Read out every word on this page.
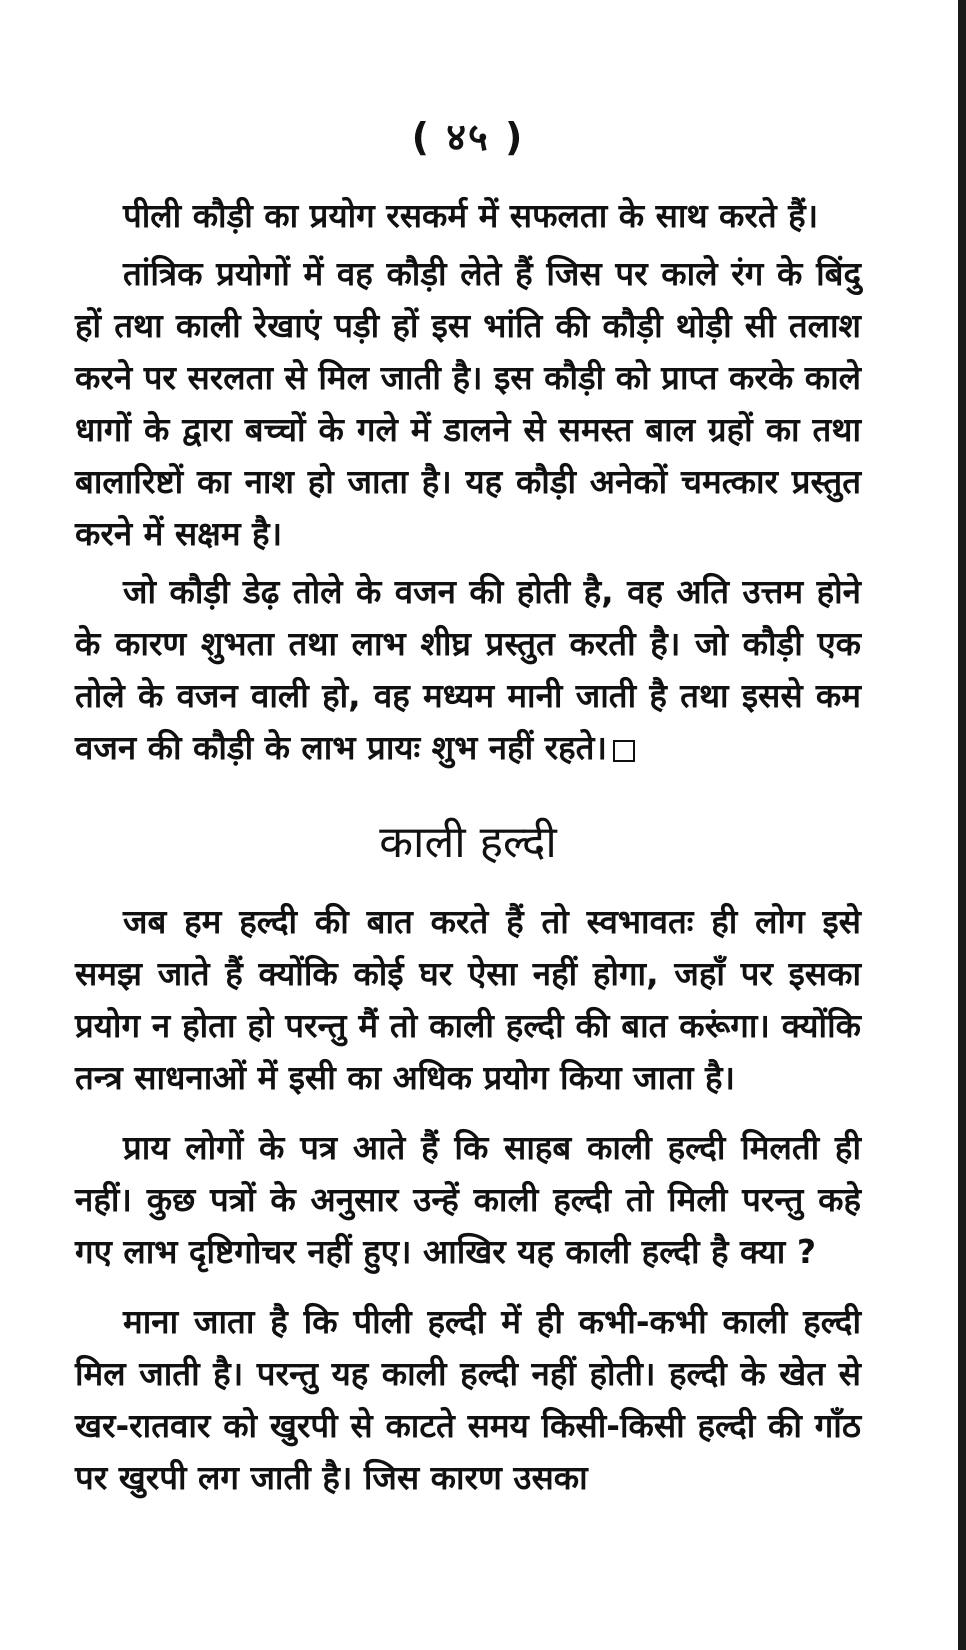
( ४५ )

पीली कौड़ी का प्रयोग रसकर्म में सफलता के साथ करते हैं।

तांत्रिक प्रयोगों में वह कौड़ी लेते हैं जिस पर काले रंग के बिंदु हों तथा काली रेखाएं पड़ी हों इस भांति की कौड़ी थोड़ी सी तलाश करने पर सरलता से मिल जाती है। इस कौड़ी को प्राप्त करके काले धागों के द्वारा बच्चों के गले में डालने से समस्त बाल ग्रहों का तथा बालारिष्टों का नाश हो जाता है। यह कौड़ी अनेकों चमत्कार प्रस्तुत करने में सक्षम है।

जो कौड़ी डेढ़ तोले के वजन की होती है, वह अति उत्तम होने के कारण शुभता तथा लाभ शीघ्र प्रस्तुत करती है। जो कौड़ी एक तोले के वजन वाली हो, वह मध्यम मानी जाती है तथा इससे कम वजन की कौड़ी के लाभ प्रायः शुभ नहीं रहते।

काली हल्दी

जब हम हल्दी की बात करते हैं तो स्वभावतः ही लोग इसे समझ जाते हैं क्योंकि कोई घर ऐसा नहीं होगा, जहाँ पर इसका प्रयोग न होता हो परन्तु मैं तो काली हल्दी की बात करूंगा। क्योंकि तन्त्र साधनाओं में इसी का अधिक प्रयोग किया जाता है।

प्राय लोगों के पत्र आते हैं कि साहब काली हल्दी मिलती ही नहीं। कुछ पत्रों के अनुसार उन्हें काली हल्दी तो मिली परन्तु कहे गए लाभ दृष्टिगोचर नहीं हुए। आखिर यह काली हल्दी है क्या ?

माना जाता है कि पीली हल्दी में ही कभी-कभी काली हल्दी मिल जाती है। परन्तु यह काली हल्दी नहीं होती। हल्दी के खेत से खर-रातवार को खुरपी से काटते समय किसी-किसी हल्दी की गाँठ पर खुरपी लग जाती है। जिस कारण उसका
